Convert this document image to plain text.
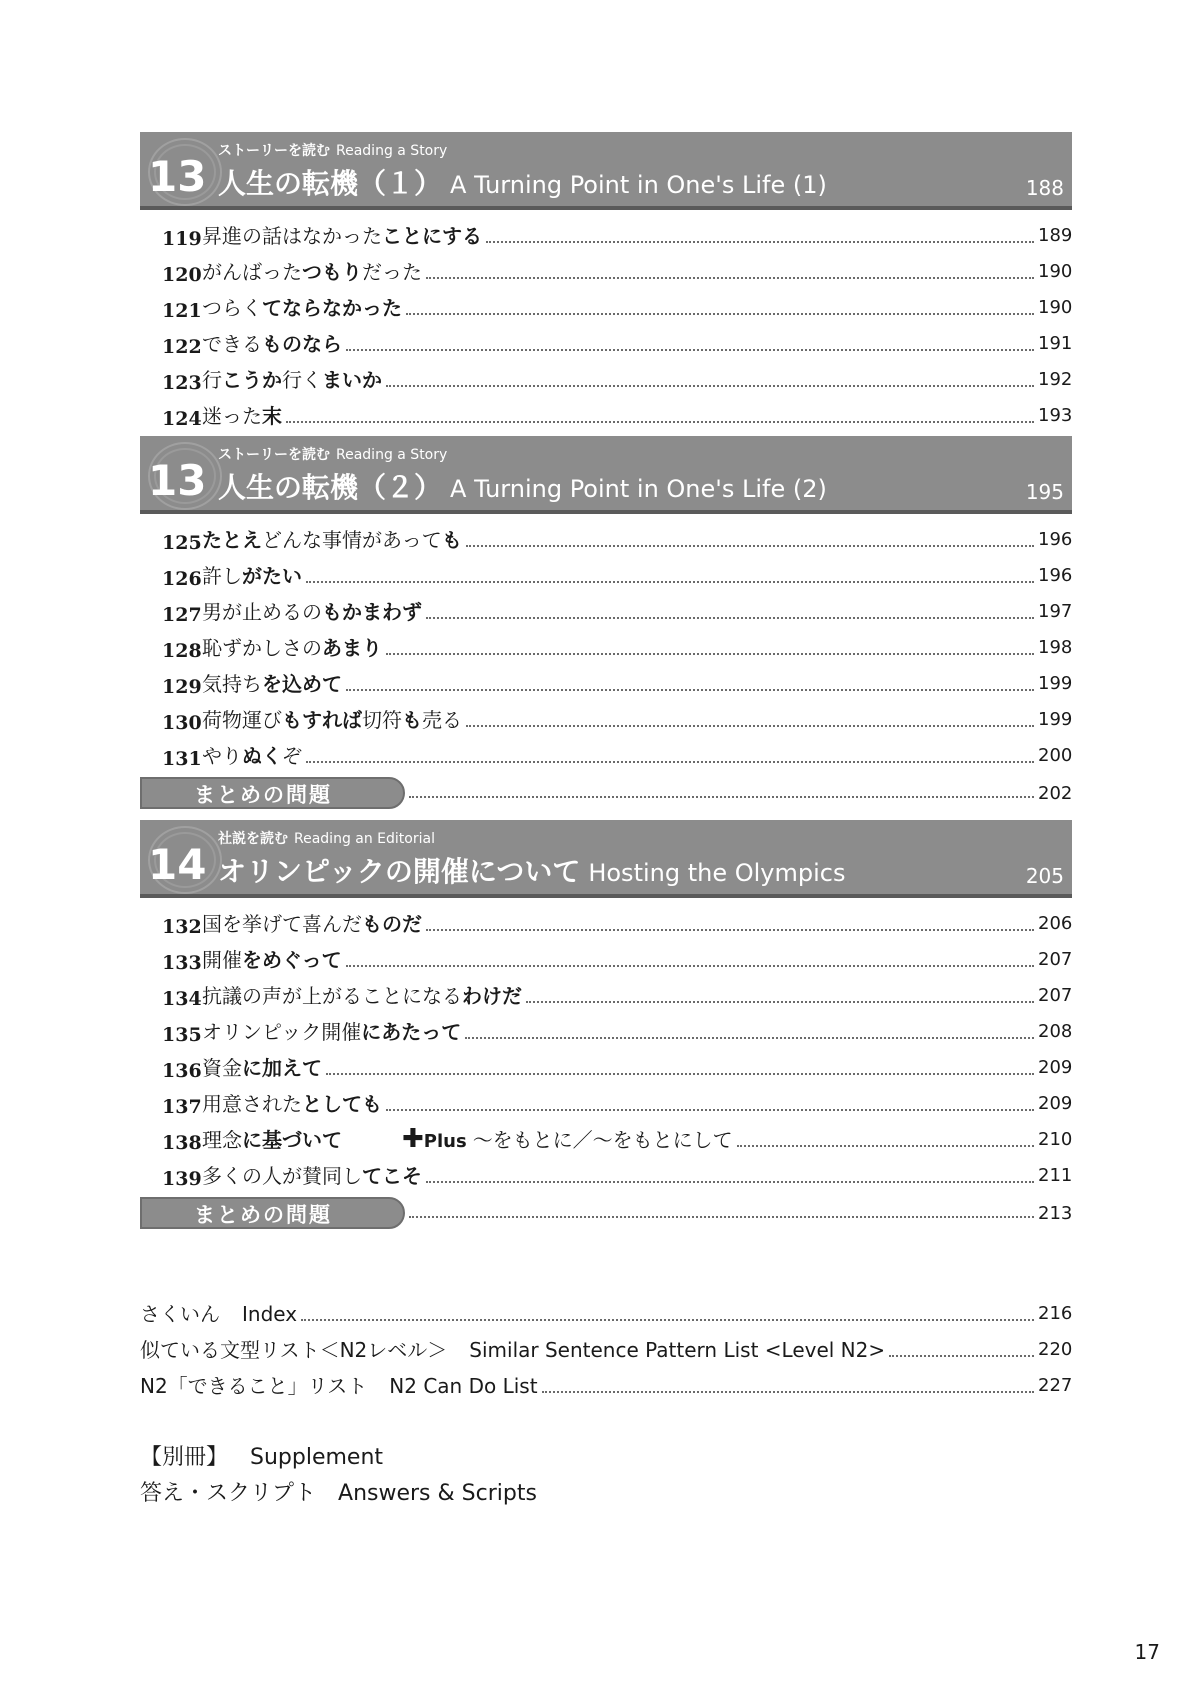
13
ストーリーを読む Reading a Story
人生の転機（１） A Turning Point in One's Life (1)	188
119 昇進の話はなかったことにする	189
120 がんばったつもりだった	190
121 つらくてならなかった	190
122 できるものなら	191
123 行こうか行くまいか	192
124 迷った末	193
13
ストーリーを読む Reading a Story
人生の転機（２） A Turning Point in One's Life (2)	195
125 たとえどんな事情があっても	196
126 許しがたい	196
127 男が止めるのもかまわず	197
128 恥ずかしさのあまり	198
129 気持ちを込めて	199
130 荷物運びもすれば切符も売る	199
131 やりぬくぞ	200
まとめの問題	202
14
社説を読む Reading an Editorial
オリンピックの開催について Hosting the Olympics	205
132 国を挙げて喜んだものだ	206
133 開催をめぐって	207
134 抗議の声が上がることになるわけだ	207
135 オリンピック開催にあたって	208
136 資金に加えて	209
137 用意されたとしても	209
138 理念に基づいて ✚Plus ～をもとに／～をもとにして	210
139 多くの人が賛同してこそ	211
まとめの問題	213
さくいん Index	216
似ている文型リスト＜N2レベル＞ Similar Sentence Pattern List <Level N2>	220
N2「できること」リスト N2 Can Do List	227
【別冊】 Supplement
答え・スクリプト Answers & Scripts
17
